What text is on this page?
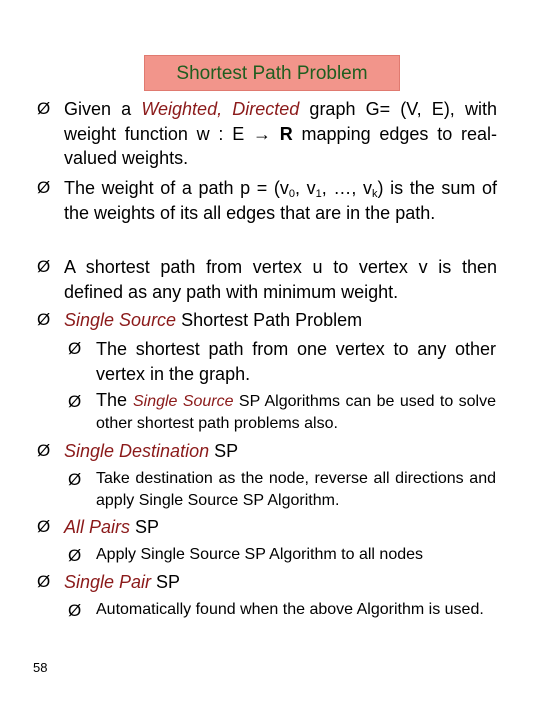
Shortest Path Problem
Ø Given a Weighted, Directed graph G= (V, E), with weight function w : E → R mapping edges to real-valued weights.
Ø The weight of a path $p = (v_0$, $v_1$, …, $v_k$) is the sum of the weights of its all edges that are in the path.
Ø A shortest path from vertex u to vertex v is then defined as any path with minimum weight.
Ø Single Source Shortest Path Problem
Ø The shortest path from one vertex to any other vertex in the graph.
Ø The Single Source SP Algorithms can be used to solve other shortest path problems also.
Ø Single Destination SP
Ø Take destination as the node, reverse all directions and apply Single Source SP Algorithm.
Ø All Pairs SP
Ø Apply Single Source SP Algorithm to all nodes
Ø Single Pair SP
Ø Automatically found when the above Algorithm is used.
58
